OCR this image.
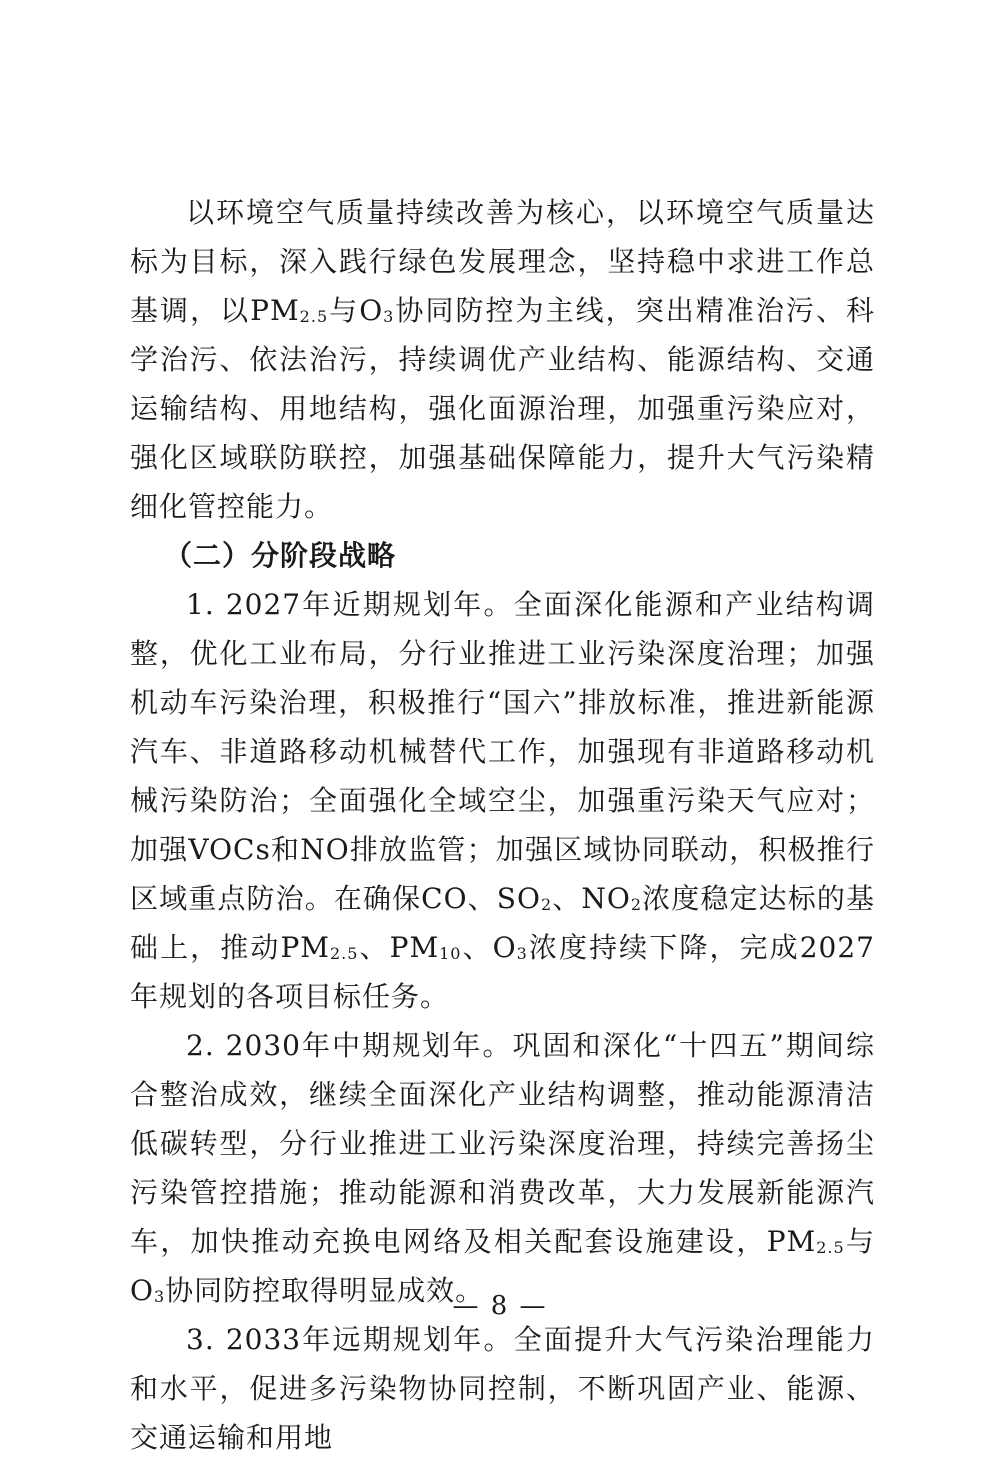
以环境空气质量持续改善为核心，以环境空气质量达标为目标，深入践行绿色发展理念，坚持稳中求进工作总基调，以$PM_{2.5}$与$O_3$协同防控为主线，突出精准治污、科学治污、依法治污，持续调优产业结构、能源结构、交通运输结构、用地结构，强化面源治理，加强重污染应对，强化区域联防联控，加强基础保障能力，提升大气污染精细化管控能力。

（二）分阶段战略

1. 2027年近期规划年。全面深化能源和产业结构调整，优化工业布局，分行业推进工业污染深度治理；加强机动车污染治理，积极推行“国六”排放标准，推进新能源汽车、非道路移动机械替代工作，加强现有非道路移动机械污染防治；全面强化全域空尘，加强重污染天气应对；加强VOCs和NO排放监管；加强区域协同联动，积极推行区域重点防治。在确保CO、$SO_2$、$NO_2$浓度稳定达标的基础上，推动$PM_{2.5}$、$PM_{10}$、$O_3$浓度持续下降，完成2027年规划的各项目标任务。

2. 2030年中期规划年。巩固和深化“十四五”期间综合整治成效，继续全面深化产业结构调整，推动能源清洁低碳转型，分行业推进工业污染深度治理，持续完善扬尘污染管控措施；推动能源和消费改革，大力发展新能源汽车，加快推动充换电网络及相关配套设施建设，$PM_{2.5}$与$O_3$协同防控取得明显成效。

3. 2033年远期规划年。全面提升大气污染治理能力和水平，促进多污染物协同控制，不断巩固产业、能源、交通运输和用地

— 8 —
